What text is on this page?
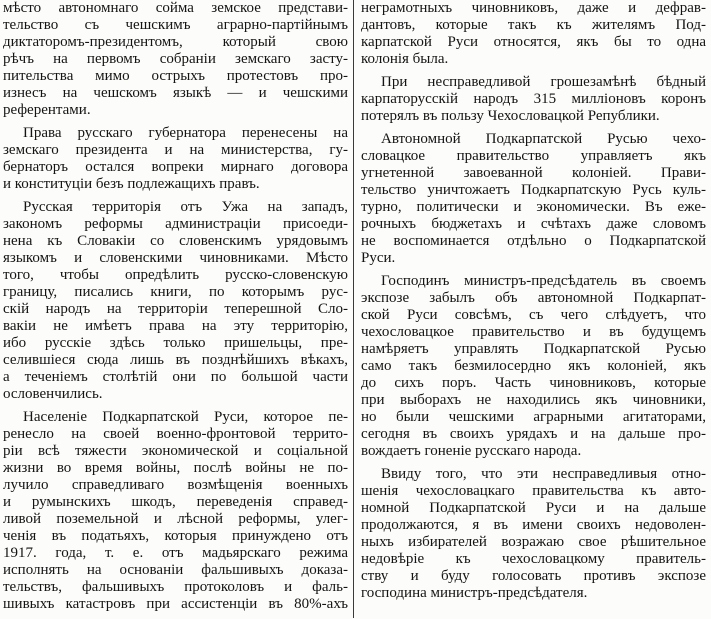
мѣсто автономнаго сойма земское представи-
тельство съ чешскимъ аграрно-партійнымъ
диктаторомъ-президентомъ, который свою
рѣчъ на первомъ собраніи земскаго засту-
пительства мимо острыхъ протестовъ про-
изнесъ на чешскомъ языкѣ — и чешскими
референтами.
Права русскаго губернатора перенесены на
земскаго президента и на министерства, гу-
бернаторъ остался вопреки мирнаго договора
и конституціи безъ подлежащихъ правъ.
Русская территорія отъ Ужа на западъ,
закономъ реформы администраціи присоеди-
нена къ Словакіи со словенскимъ урядовымъ
языкомъ и словенскими чиновниками. Мѣсто
того, чтобы опредѣлить русско-словенскую
границу, писались книги, по которымъ рус-
скій народъ на территоріи теперешной Сло-
вакіи не имѣетъ права на эту территорію,
ибо русскіе здѣсь только пришельцы, пре-
селившіеся сюда лишь въ позднѣйшихъ вѣкахъ,
а теченіемъ столѣтій они по большой части
ословенчились.
Населеніе Подкарпатской Руси, которое пе-
ренесло на своей военно-фронтовой террито-
ріи всѣ тяжести экономической и соціальной
жизни во время войны, послѣ войны не по-
лучило справедливаго возмѣщенія военныхъ
и румынскихъ шкодъ, переведенія справед-
ливой поземельной и лѣсной реформы, улег-
ченія въ податьяхъ, которыя принуждено отъ
1917. года, т. е. отъ мадьярскаго режима
исполнять на основаніи фальшивыхъ доказа-
тельствъ, фальшивыхъ протоколовъ и фаль-
шивыхъ катастровъ при ассистенціи въ 80%-ахъ
неграмотныхъ чиновниковъ, даже и дефрав-
дантовъ, которые такъ къ жителямъ Под-
карпатской Руси относятся, якъ бы то одна
колонія была.
При несправедливой грошезамѣнѣ бѣдный
карпаторусскій народъ 315 милліоновъ коронъ
потерялъ въ пользу Чехословацкой Републики.
Автономной Подкарпатской Русью чехо-
словацкое правительство управляетъ якъ
угнетенной завоеванной колоніей. Прави-
тельство уничтожаетъ Подкарпатскую Русь куль-
турно, политически и экономически. Въ еже-
рочныхъ бюджетахъ и счѣтахъ даже словомъ
не воспоминается отдѣльно о Подкарпатской
Руси.
Господинъ министръ-предсѣдатель въ своемъ
экспозе забылъ объ автономной Подкарпат-
ской Руси совсѣмъ, съ чего слѣдуетъ, что
чехословацкое правительство и въ будущемъ
намѣряетъ управлять Подкарпатской Русью
само такъ безмилосердно якъ колоніей, якъ
до сихъ поръ. Часть чиновниковъ, которые
при выборахъ не находились якъ чиновники,
но были чешскими аграрными агитаторами,
сегодня въ своихъ урядахъ и на дальше про-
вождаетъ гоненіе русскаго народа.
Ввиду того, что эти несправедливыя отно-
шенія чехословацкаго правительства къ авто-
номной Подкарпатской Руси и на дальше
продолжаются, я въ имени своихъ недоволен-
ныхъ избирателей возражаю свое рѣшительное
недовѣріе къ чехословацкому правитель-
ству и буду голосовать противъ экспозе
господина министръ-предсѣдателя.
